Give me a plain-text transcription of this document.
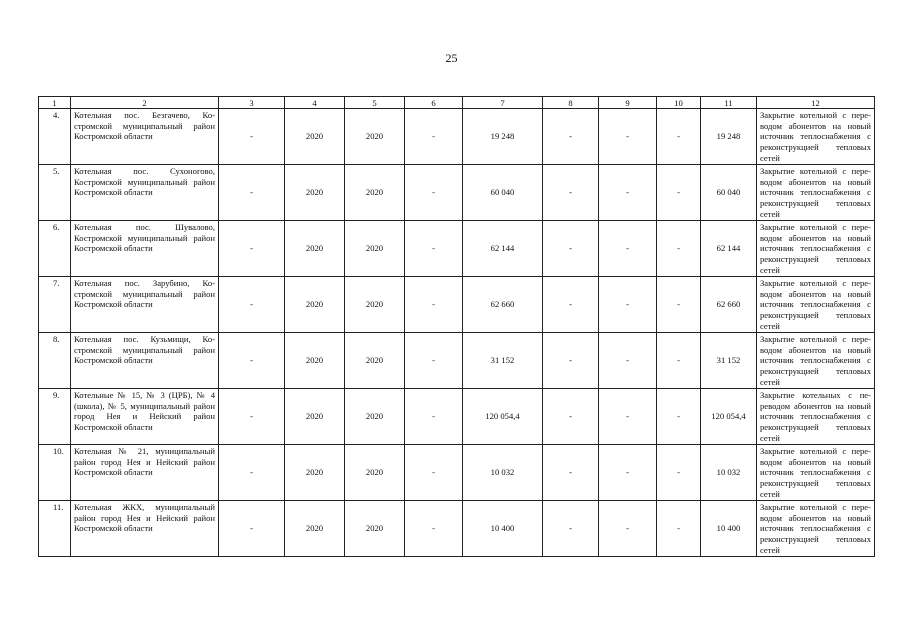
25
1	2	3	4	5	6	7	8	9	10	11	12
4.	Котельная пос. Безгачево, Костромской муниципальный район Костромской области	-	2020	2020	-	19 248	-	-	-	19 248	Закрытие котельной с переводом абонентов на новый источник теплоснабжения с реконструкцией тепловых сетей
5.	Котельная пос. Сухоногово, Костромской муниципальный район Костромской области	-	2020	2020	-	60 040	-	-	-	60 040	Закрытие котельной с переводом абонентов на новый источник теплоснабжения с реконструкцией тепловых сетей
6.	Котельная пос. Шувалово, Костромской муниципальный район Костромской области	-	2020	2020	-	62 144	-	-	-	62 144	Закрытие котельной с переводом абонентов на новый источник теплоснабжения с реконструкцией тепловых сетей
7.	Котельная пос. Зарубино, Костромской муниципальный район Костромской области	-	2020	2020	-	62 660	-	-	-	62 660	Закрытие котельной с переводом абонентов на новый источник теплоснабжения с реконструкцией тепловых сетей
8.	Котельная пос. Кузьмищи, Костромской муниципальный район Костромской области	-	2020	2020	-	31 152	-	-	-	31 152	Закрытие котельной с переводом абонентов на новый источник теплоснабжения с реконструкцией тепловых сетей
9.	Котельные № 15, № 3 (ЦРБ), № 4 (школа), № 5, муниципальный район город Нея и Нейский район Костромской области	-	2020	2020	-	120 054,4	-	-	-	120 054,4	Закрытие котельных с переводом абонентов на новый источник теплоснабжения с реконструкцией тепловых сетей
10.	Котельная № 21, муниципальный район город Нея и Нейский район Костромской области	-	2020	2020	-	10 032	-	-	-	10 032	Закрытие котельной с переводом абонентов на новый источник теплоснабжения с реконструкцией тепловых сетей
11.	Котельная ЖКХ, муниципальный район город Нея и Нейский район Костромской области	-	2020	2020	-	10 400	-	-	-	10 400	Закрытие котельной с переводом абонентов на новый источник теплоснабжения с реконструкцией тепловых сетей
